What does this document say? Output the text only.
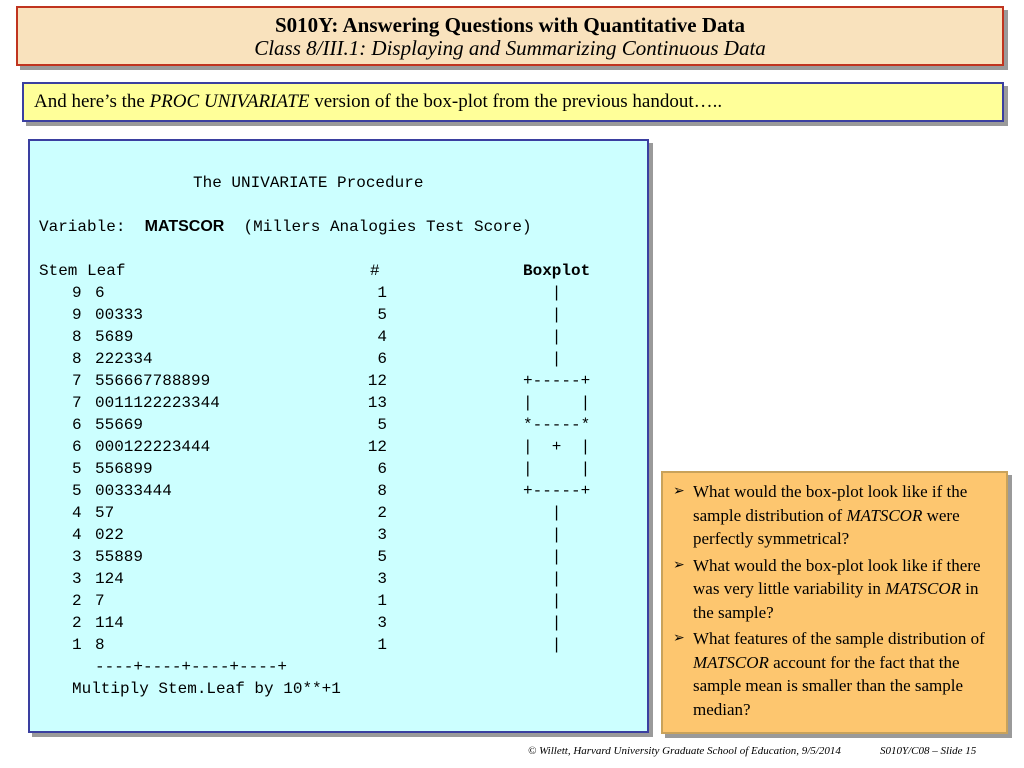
S010Y: Answering Questions with Quantitative Data
Class 8/III.1: Displaying and Summarizing Continuous Data
And here’s the PROC UNIVARIATE version of the box-plot from the previous handout…..
The UNIVARIATE Procedure
Variable: MATSCOR (Millers Analogies Test Score)
Stem Leaf	#	Boxplot
9 6	1	|
9 00333	5	|
8 5689	4	|
8 222334	6	|
7 556667788899	12	+-----+
7 0011122223344	13	|     |
6 55669	5	*-----*
6 000122223444	12	|  +  |
5 556899	6	|     |
5 00333444	8	+-----+
4 57	2	|
4 022	3	|
3 55889	5	|
3 124	3	|
2 7	1	|
2 114	3	|
1 8	1	|
----+----+----+----+
Multiply Stem.Leaf by 10**+1
➢ What would the box-plot look like if the sample distribution of MATSCOR were perfectly symmetrical?
➢ What would the box-plot look like if there was very little variability in MATSCOR in the sample?
➢ What features of the sample distribution of MATSCOR account for the fact that the sample mean is smaller than the sample median?
© Willett, Harvard University Graduate School of Education, 9/5/2014	S010Y/C08 – Slide 15
